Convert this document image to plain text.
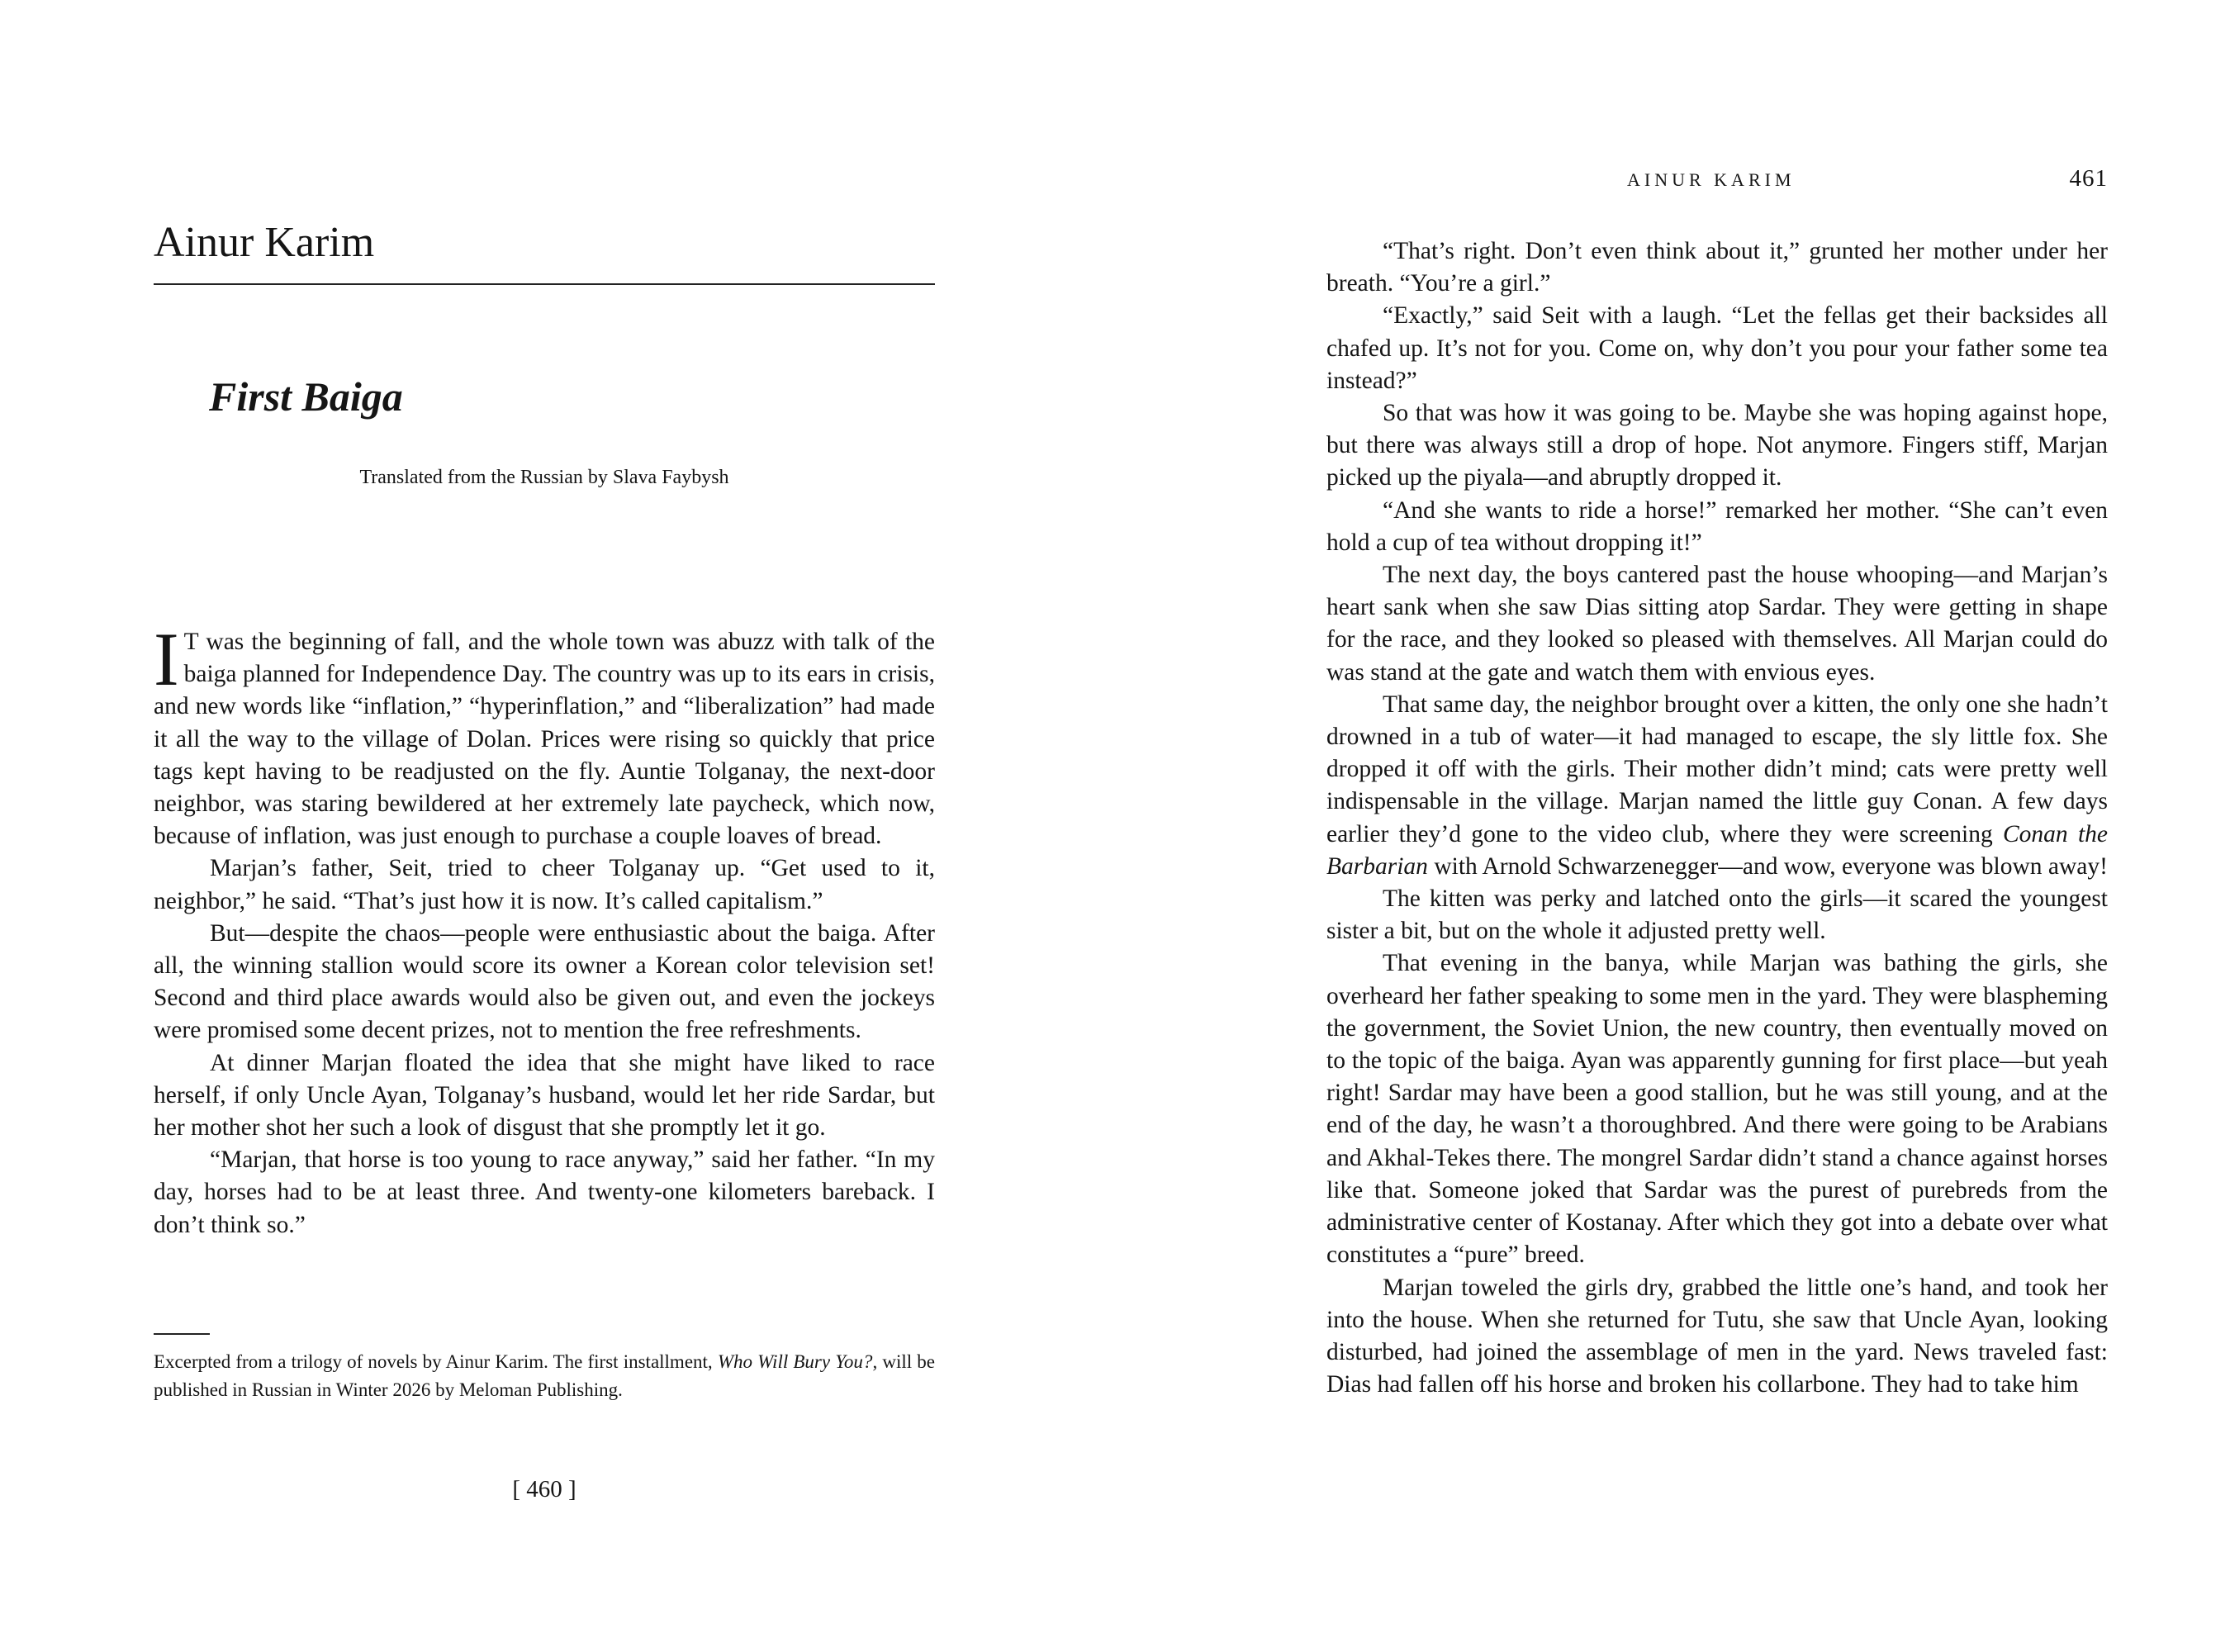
Ainur Karim
First Baiga
Translated from the Russian by Slava Faybysh

I T was the beginning of fall, and the whole town was abuzz with talk of the baiga planned for Independence Day. The country was up to its ears in crisis, and new words like “inflation,” “hyperinflation,” and “liberalization” had made it all the way to the village of Dolan. Prices were rising so quickly that price tags kept having to be readjusted on the fly. Auntie Tolganay, the next-door neighbor, was staring bewildered at her extremely late paycheck, which now, because of inflation, was just enough to purchase a couple loaves of bread.

Marjan’s father, Seit, tried to cheer Tolganay up. “Get used to it, neighbor,” he said. “That’s just how it is now. It’s called capitalism.”

But—despite the chaos—people were enthusiastic about the baiga. After all, the winning stallion would score its owner a Korean color television set! Second and third place awards would also be given out, and even the jockeys were promised some decent prizes, not to mention the free refreshments.

At dinner Marjan floated the idea that she might have liked to race herself, if only Uncle Ayan, Tolganay’s husband, would let her ride Sardar, but her mother shot her such a look of disgust that she promptly let it go.

“Marjan, that horse is too young to race anyway,” said her father. “In my day, horses had to be at least three. And twenty-one kilometers bareback. I don’t think so.”

Excerpted from a trilogy of novels by Ainur Karim. The first installment, Who Will Bury You?, will be published in Russian in Winter 2026 by Meloman Publishing.
[ 460 ]
AINUR KARIM	461

“That’s right. Don’t even think about it,” grunted her mother under her breath. “You’re a girl.”

“Exactly,” said Seit with a laugh. “Let the fellas get their backsides all chafed up. It’s not for you. Come on, why don’t you pour your father some tea instead?”

So that was how it was going to be. Maybe she was hoping against hope, but there was always still a drop of hope. Not anymore. Fingers stiff, Marjan picked up the piyala—and abruptly dropped it.

“And she wants to ride a horse!” remarked her mother. “She can’t even hold a cup of tea without dropping it!”

The next day, the boys cantered past the house whooping—and Marjan’s heart sank when she saw Dias sitting atop Sardar. They were getting in shape for the race, and they looked so pleased with themselves. All Marjan could do was stand at the gate and watch them with envious eyes.

That same day, the neighbor brought over a kitten, the only one she hadn’t drowned in a tub of water—it had managed to escape, the sly little fox. She dropped it off with the girls. Their mother didn’t mind; cats were pretty well indispensable in the village. Marjan named the little guy Conan. A few days earlier they’d gone to the video club, where they were screening Conan the Barbarian with Arnold Schwarzenegger—and wow, everyone was blown away!

The kitten was perky and latched onto the girls—it scared the youngest sister a bit, but on the whole it adjusted pretty well.

That evening in the banya, while Marjan was bathing the girls, she overheard her father speaking to some men in the yard. They were blaspheming the government, the Soviet Union, the new country, then eventually moved on to the topic of the baiga. Ayan was apparently gunning for first place—but yeah right! Sardar may have been a good stallion, but he was still young, and at the end of the day, he wasn’t a thoroughbred. And there were going to be Arabians and Akhal-Tekes there. The mongrel Sardar didn’t stand a chance against horses like that. Someone joked that Sardar was the purest of purebreds from the administrative center of Kostanay. After which they got into a debate over what constitutes a “pure” breed.

Marjan toweled the girls dry, grabbed the little one’s hand, and took her into the house. When she returned for Tutu, she saw that Uncle Ayan, looking disturbed, had joined the assemblage of men in the yard. News traveled fast: Dias had fallen off his horse and broken his collarbone. They had to take him
